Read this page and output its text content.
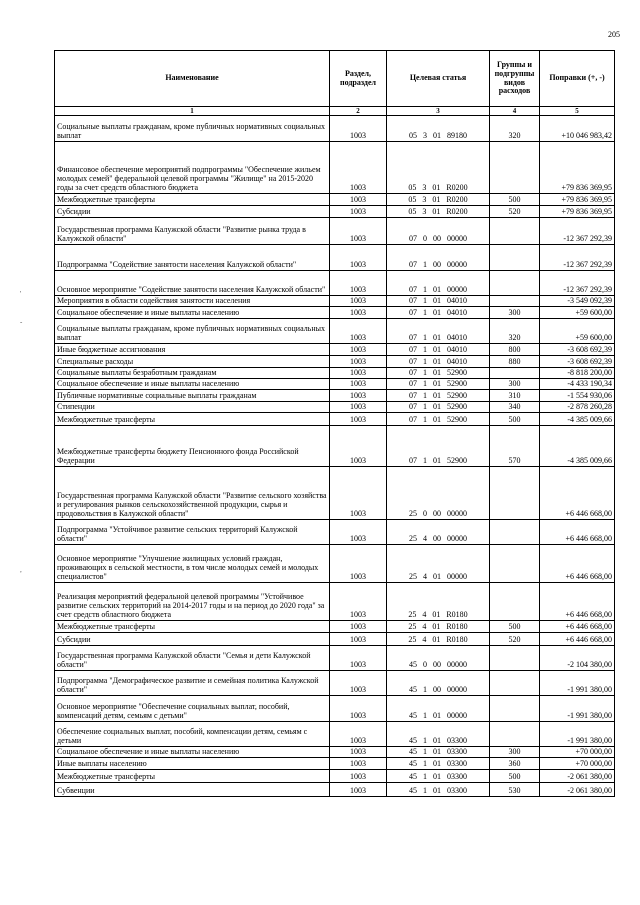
205
'
-
,
Наименование	Раздел, подраздел	Целевая статья	Группы и подгруппы видов расходов	Поправки (+, -)
1	2	3	4	5
Социальные выплаты гражданам, кроме публичных нормативных социальных выплат	1003	05  3  01  89180	320	+10 046 983,42
Финансовое обеспечение мероприятий подпрограммы "Обеспечение жильем молодых семей" федеральной целевой программы "Жилище" на 2015-2020 годы за счет средств областного бюджета	1003	05  3  01  R0200		+79 836 369,95
Межбюджетные трансферты	1003	05  3  01  R0200	500	+79 836 369,95
Субсидии	1003	05  3  01  R0200	520	+79 836 369,95
Государственная программа Калужской области "Развитие рынка труда в Калужской области"	1003	07  0  00  00000		-12 367 292,39
Подпрограмма "Содействие занятости населения Калужской области"	1003	07  1  00  00000		-12 367 292,39
Основное мероприятие "Содействие занятости населения Калужской области"	1003	07  1  01  00000		-12 367 292,39
Мероприятия в области содействия занятости населения	1003	07  1  01  04010		-3 549 092,39
Социальное обеспечение и иные выплаты населению	1003	07  1  01  04010	300	+59 600,00
Социальные выплаты гражданам, кроме публичных нормативных социальных выплат	1003	07  1  01  04010	320	+59 600,00
Иные бюджетные ассигнования	1003	07  1  01  04010	800	-3 608 692,39
Специальные расходы	1003	07  1  01  04010	880	-3 608 692,39
Социальные выплаты безработным гражданам	1003	07  1  01  52900		-8 818 200,00
Социальное обеспечение и иные выплаты населению	1003	07  1  01  52900	300	-4 433 190,34
Публичные нормативные социальные выплаты гражданам	1003	07  1  01  52900	310	-1 554 930,06
Стипендии	1003	07  1  01  52900	340	-2 878 260,28
Межбюджетные трансферты	1003	07  1  01  52900	500	-4 385 009,66
Межбюджетные трансферты бюджету Пенсионного фонда Российской Федерации	1003	07  1  01  52900	570	-4 385 009,66
Государственная программа Калужской области "Развитие сельского хозяйства и регулирования рынков сельскохозяйственной продукции, сырья и продовольствия в Калужской области"	1003	25  0  00  00000		+6 446 668,00
Подпрограмма "Устойчивое развитие сельских территорий Калужской области"	1003	25  4  00  00000		+6 446 668,00
Основное мероприятие "Улучшение жилищных условий граждан, проживающих в сельской местности, в том числе молодых семей и молодых специалистов"	1003	25  4  01  00000		+6 446 668,00
Реализация мероприятий федеральной целевой программы "Устойчивое развитие сельских территорий на 2014-2017 годы и на период до 2020 года" за счет средств областного бюджета	1003	25  4  01  R0180		+6 446 668,00
Межбюджетные трансферты	1003	25  4  01  R0180	500	+6 446 668,00
Субсидии	1003	25  4  01  R0180	520	+6 446 668,00
Государственная программа Калужской области "Семья и дети Калужской области"	1003	45  0  00  00000		-2 104 380,00
Подпрограмма "Демографическое развитие и семейная политика Калужской области"	1003	45  1  00  00000		-1 991 380,00
Основное мероприятие "Обеспечение социальных выплат, пособий, компенсаций детям, семьям с детьми"	1003	45  1  01  00000		-1 991 380,00
Обеспечение социальных выплат, пособий, компенсации детям, семьям с детьми	1003	45  1  01  03300		-1 991 380,00
Социальное обеспечение и иные выплаты населению	1003	45  1  01  03300	300	+70 000,00
Иные выплаты населению	1003	45  1  01  03300	360	+70 000,00
Межбюджетные трансферты	1003	45  1  01  03300	500	-2 061 380,00
Субвенции	1003	45  1  01  03300	530	-2 061 380,00
